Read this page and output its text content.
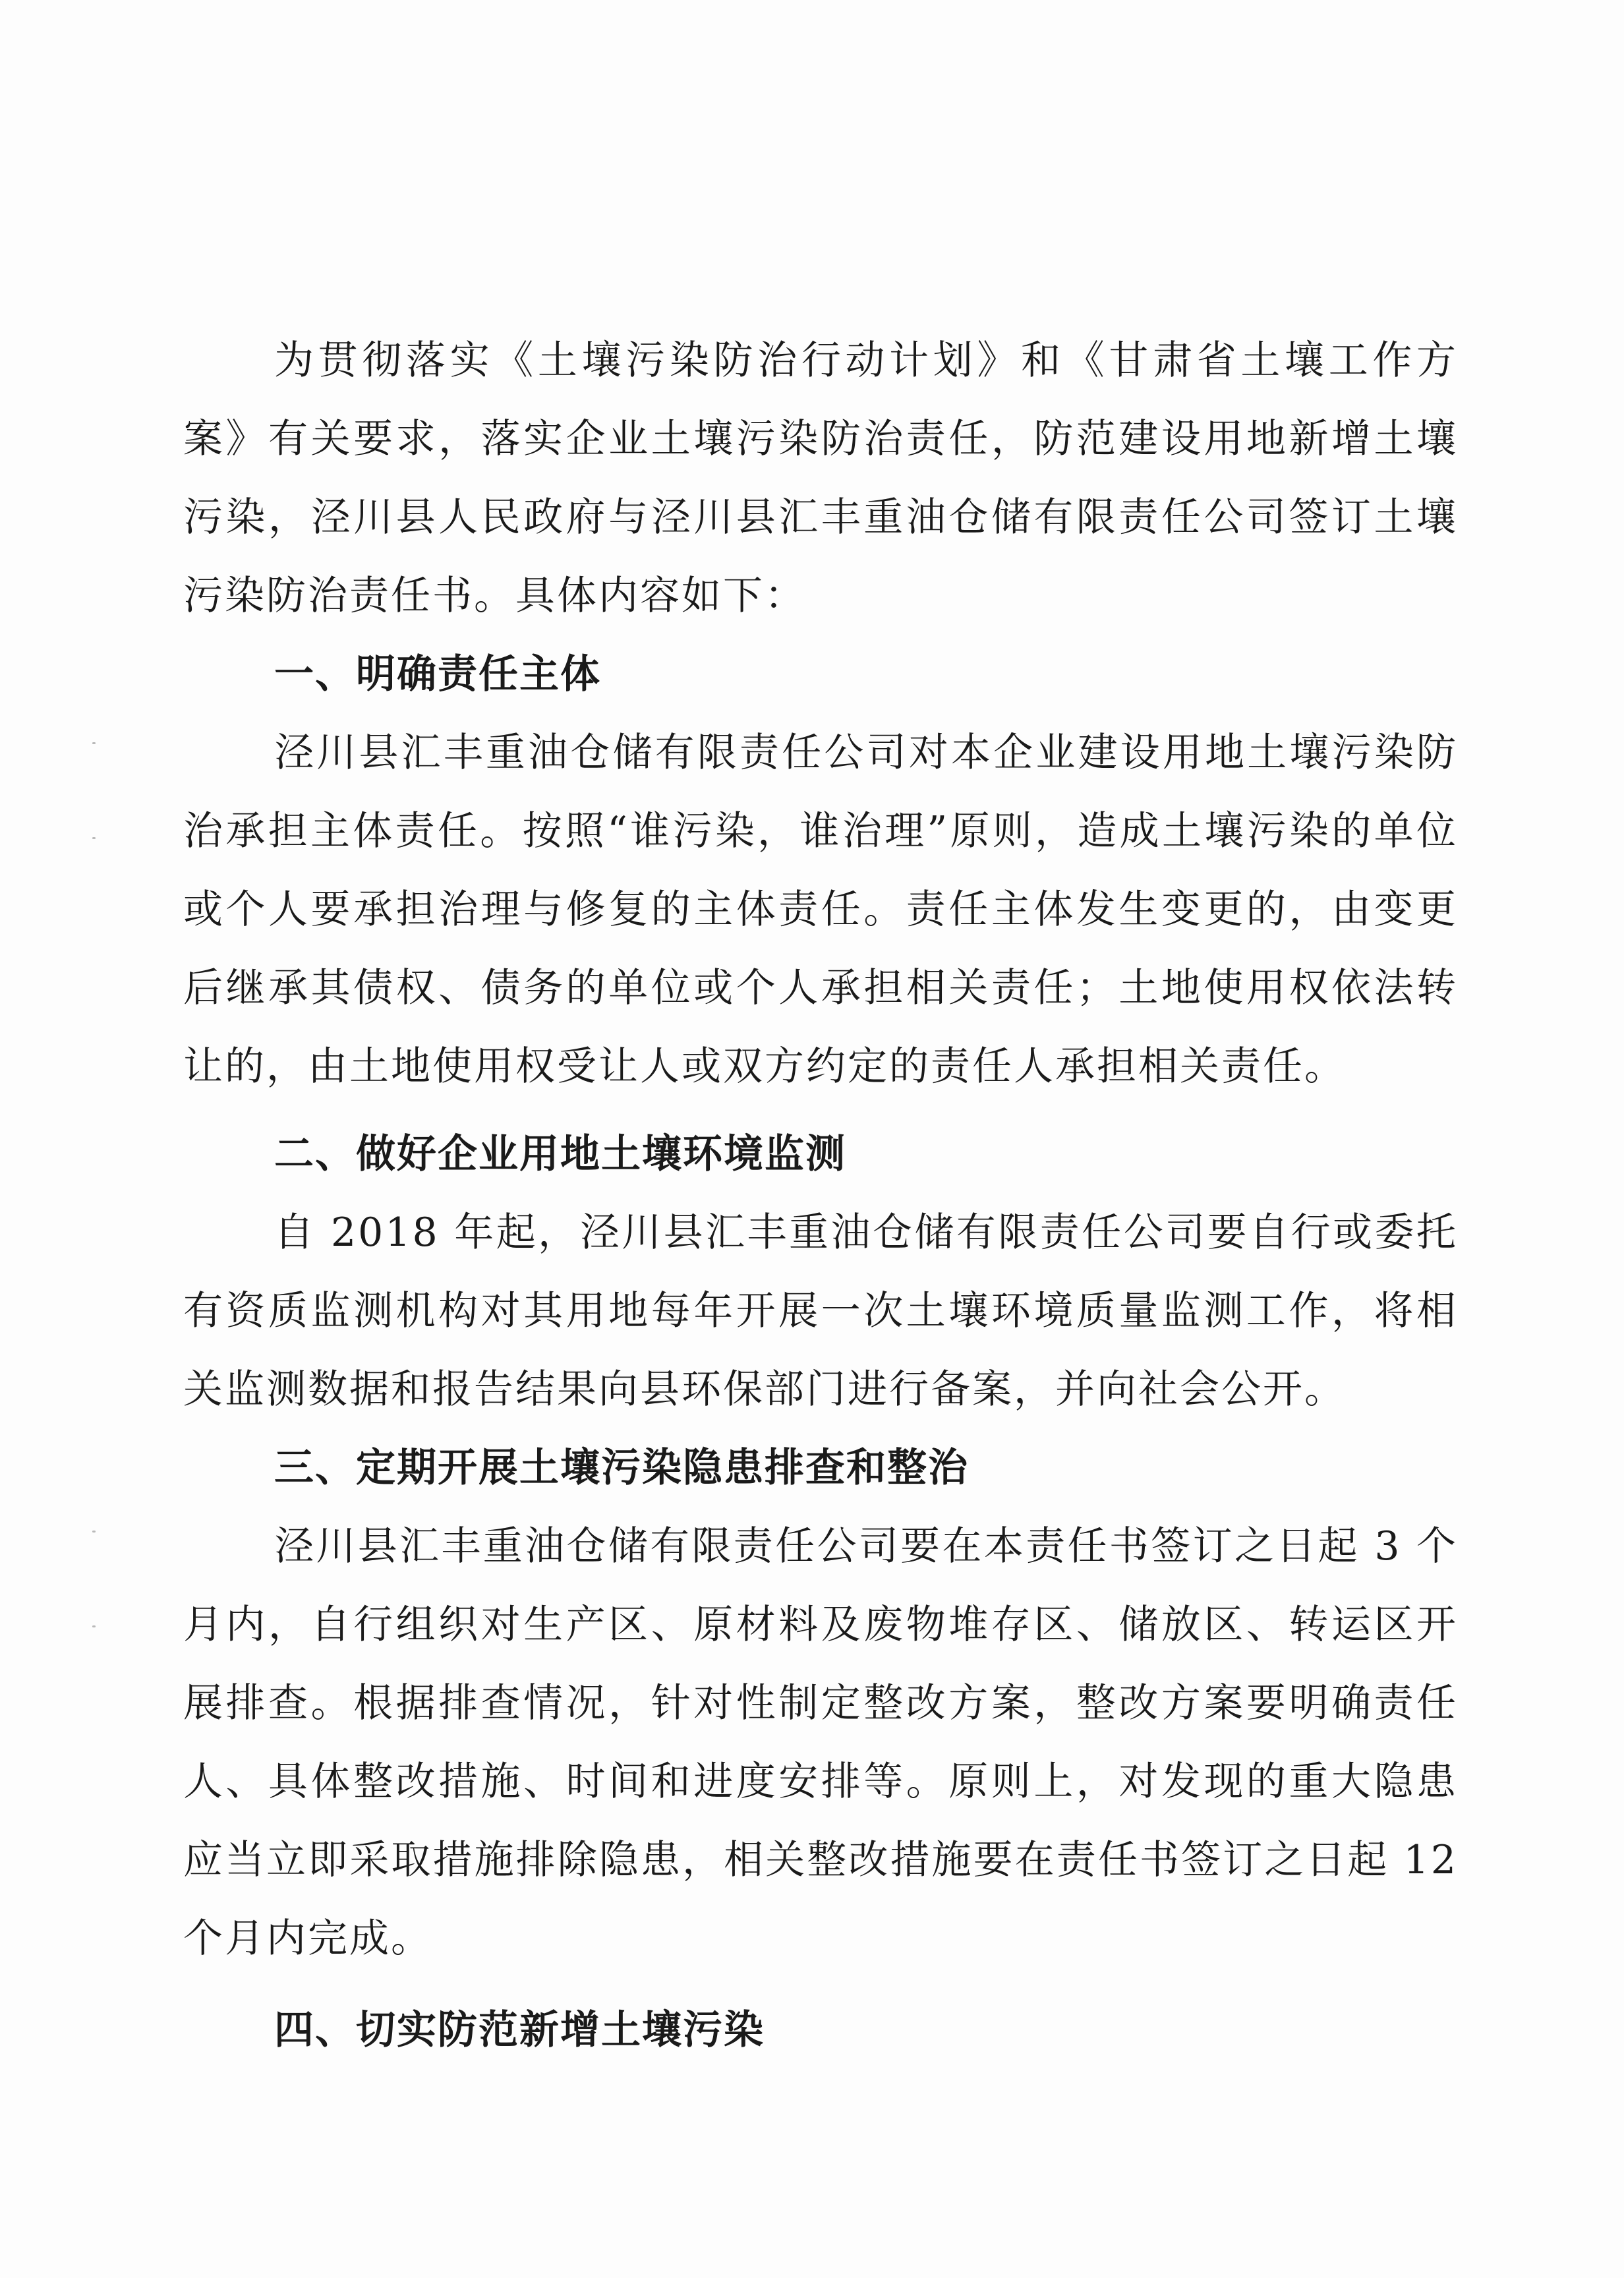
为贯彻落实《土壤污染防治行动计划》和《甘肃省土壤工作方案》有关要求，落实企业土壤污染防治责任，防范建设用地新增土壤污染，泾川县人民政府与泾川县汇丰重油仓储有限责任公司签订土壤污染防治责任书。具体内容如下：

一、明确责任主体

泾川县汇丰重油仓储有限责任公司对本企业建设用地土壤污染防治承担主体责任。按照“谁污染，谁治理”原则，造成土壤污染的单位或个人要承担治理与修复的主体责任。责任主体发生变更的，由变更后继承其债权、债务的单位或个人承担相关责任；土地使用权依法转让的，由土地使用权受让人或双方约定的责任人承担相关责任。

二、做好企业用地土壤环境监测

自 2018 年起，泾川县汇丰重油仓储有限责任公司要自行或委托有资质监测机构对其用地每年开展一次土壤环境质量监测工作，将相关监测数据和报告结果向县环保部门进行备案，并向社会公开。

三、定期开展土壤污染隐患排查和整治

泾川县汇丰重油仓储有限责任公司要在本责任书签订之日起 3 个月内，自行组织对生产区、原材料及废物堆存区、储放区、转运区开展排查。根据排查情况，针对性制定整改方案，整改方案要明确责任人、具体整改措施、时间和进度安排等。原则上，对发现的重大隐患应当立即采取措施排除隐患，相关整改措施要在责任书签订之日起 12 个月内完成。

四、切实防范新增土壤污染
